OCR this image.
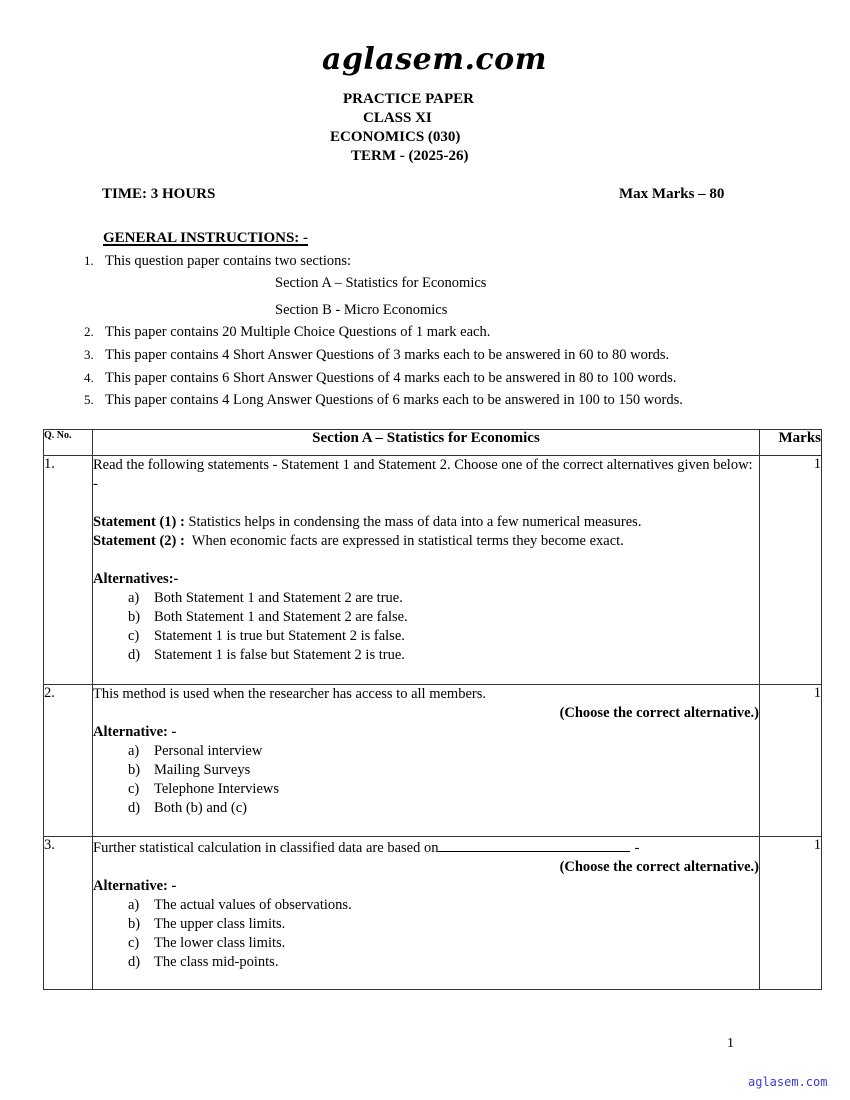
aglasem.com
PRACTICE PAPER
CLASS XI
ECONOMICS (030)
TERM - (2025-26)
TIME: 3 HOURS	Max Marks – 80
GENERAL INSTRUCTIONS: -
1. This question paper contains two sections:
Section A – Statistics for Economics
Section B - Micro Economics
2. This paper contains 20 Multiple Choice Questions of 1 mark each.
3. This paper contains 4 Short Answer Questions of 3 marks each to be answered in 60 to 80 words.
4. This paper contains 6 Short Answer Questions of 4 marks each to be answered in 80 to 100 words.
5. This paper contains 4 Long Answer Questions of 6 marks each to be answered in 100 to 150 words.
Q. No.	Section A – Statistics for Economics	Marks
1.	Read the following statements - Statement 1 and Statement 2. Choose one of the correct alternatives given below: -
Statement (1) : Statistics helps in condensing the mass of data into a few numerical measures.
Statement (2) :  When economic facts are expressed in statistical terms they become exact.
Alternatives:-
a) Both Statement 1 and Statement 2 are true.
b) Both Statement 1 and Statement 2 are false.
c) Statement 1 is true but Statement 2 is false.
d) Statement 1 is false but Statement 2 is true.
	1
2.	This method is used when the researcher has access to all members.
(Choose the correct alternative.)
Alternative: -
a) Personal interview
b) Mailing Surveys
c) Telephone Interviews
d) Both (b) and (c)
	1
3.	Further statistical calculation in classified data are based on	-
(Choose the correct alternative.)
Alternative: -
a) The actual values of observations.
b) The upper class limits.
c) The lower class limits.
d) The class mid-points.
	1
1
aglasem.com
